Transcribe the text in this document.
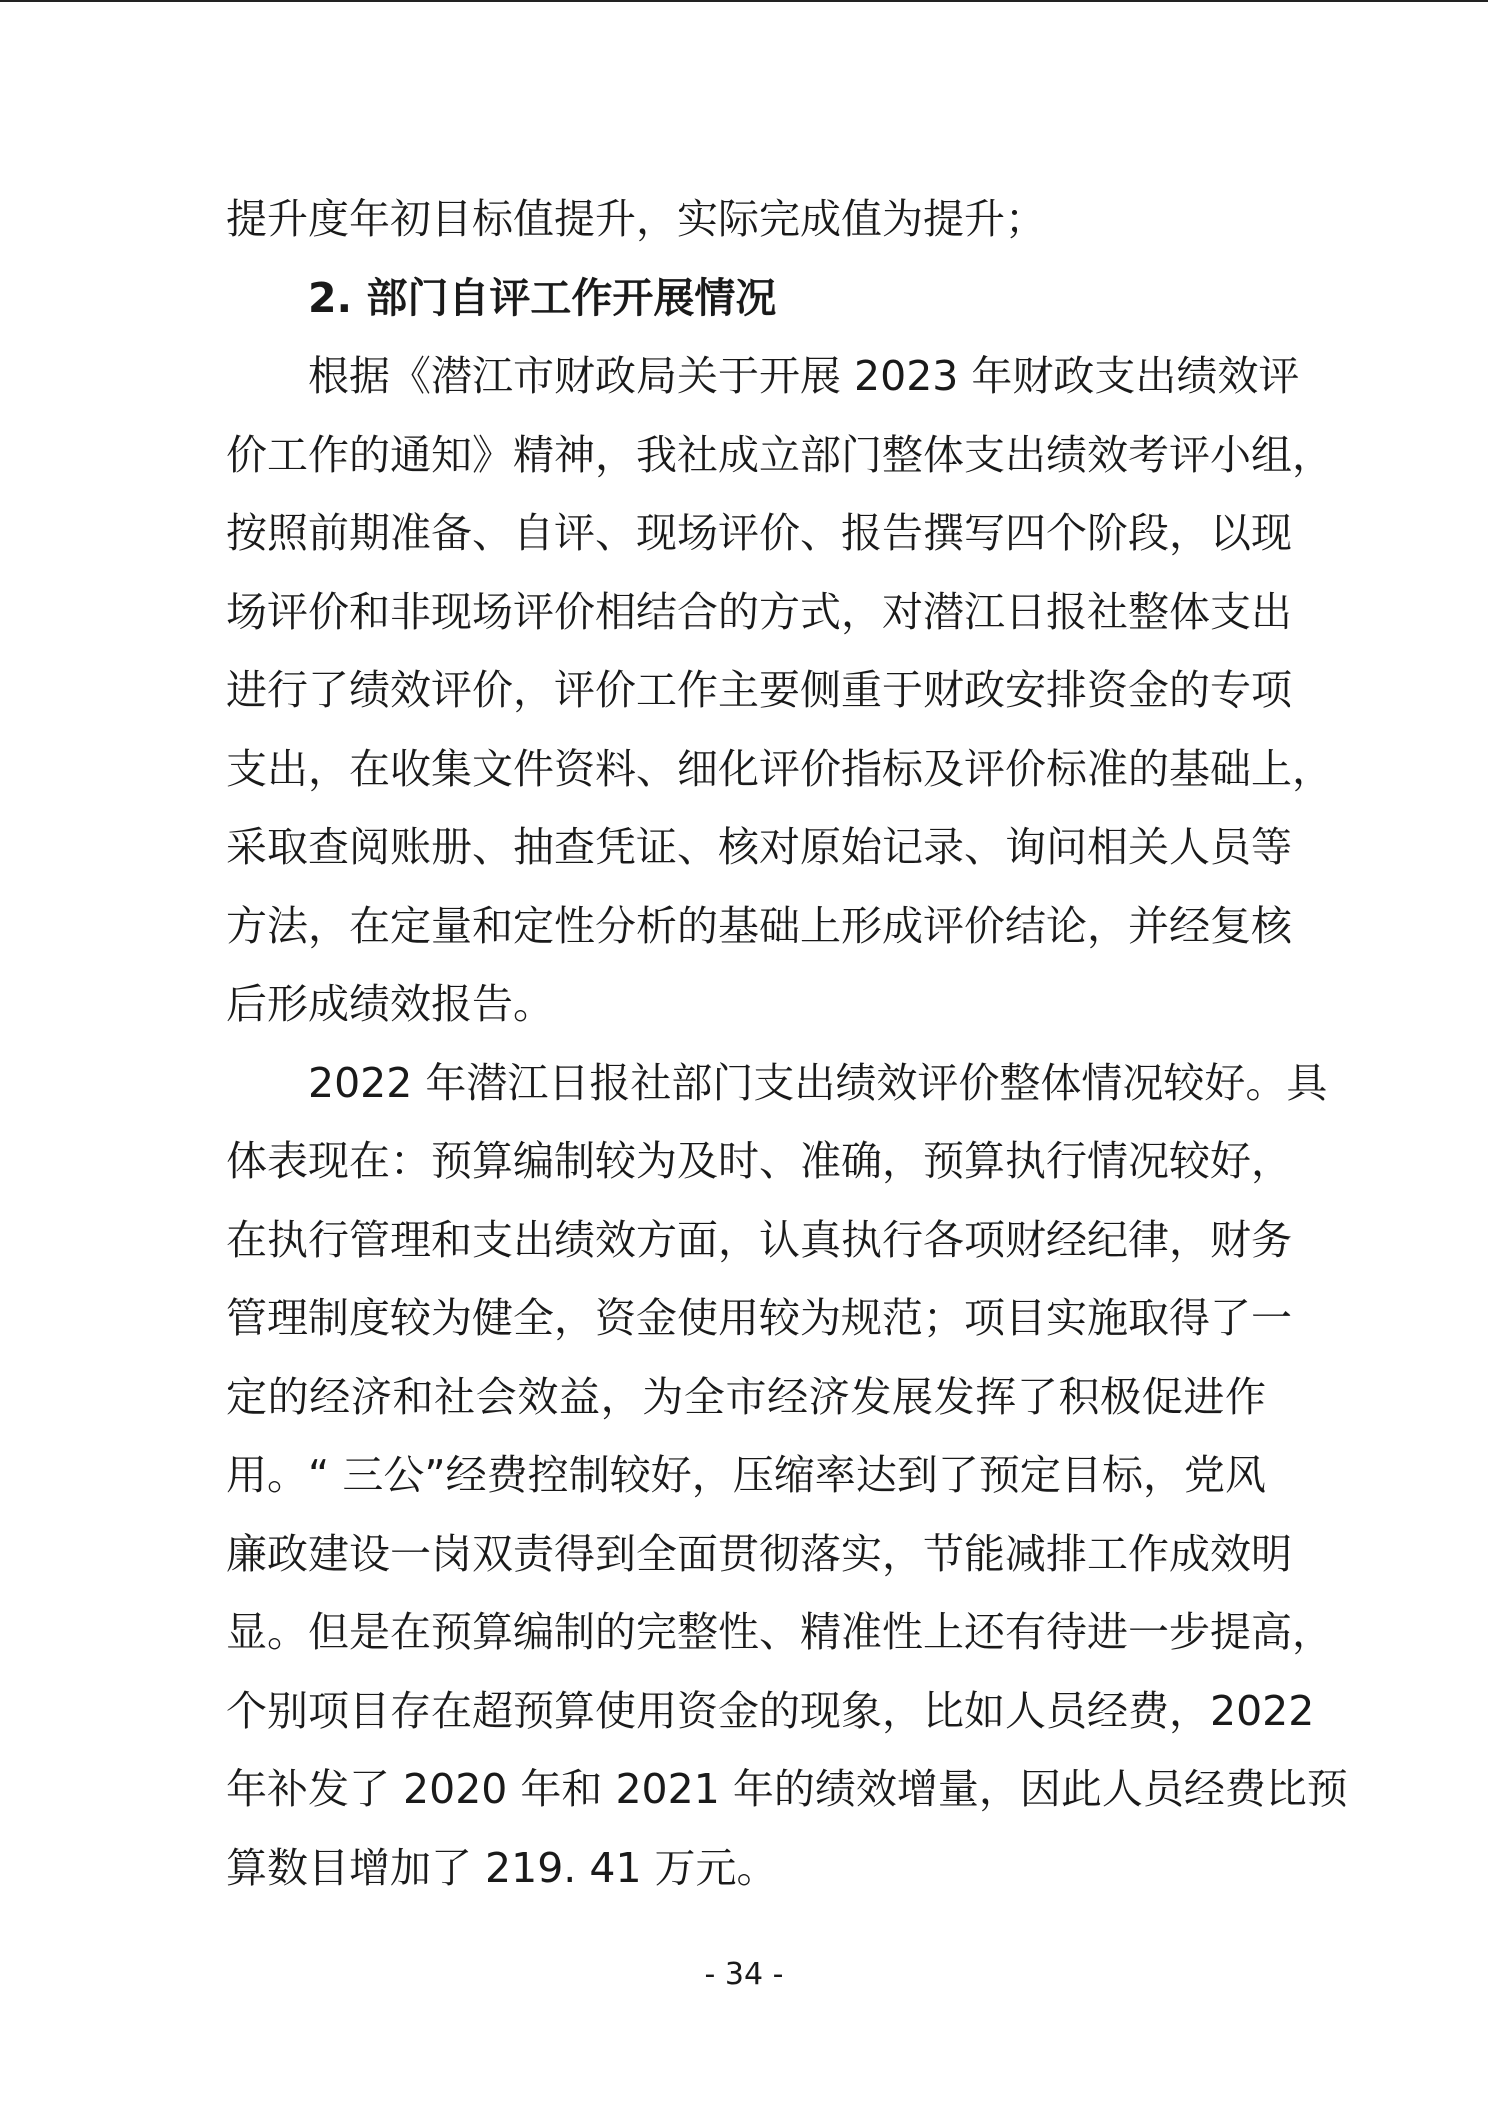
提升度年初目标值提升，实际完成值为提升；
2. 部门自评工作开展情况
根据《潜江市财政局关于开展 2023 年财政支出绩效评
价工作的通知》精神，我社成立部门整体支出绩效考评小组，
按照前期准备、自评、现场评价、报告撰写四个阶段，以现
场评价和非现场评价相结合的方式，对潜江日报社整体支出
进行了绩效评价，评价工作主要侧重于财政安排资金的专项
支出，在收集文件资料、细化评价指标及评价标准的基础上，
采取查阅账册、抽查凭证、核对原始记录、询问相关人员等
方法，在定量和定性分析的基础上形成评价结论，并经复核
后形成绩效报告。
2022 年潜江日报社部门支出绩效评价整体情况较好。具
体表现在：预算编制较为及时、准确，预算执行情况较好，
在执行管理和支出绩效方面，认真执行各项财经纪律，财务
管理制度较为健全，资金使用较为规范；项目实施取得了一
定的经济和社会效益，为全市经济发展发挥了积极促进作
用。“ 三公”经费控制较好，压缩率达到了预定目标，党风
廉政建设一岗双责得到全面贯彻落实，节能减排工作成效明
显。但是在预算编制的完整性、精准性上还有待进一步提高，
个别项目存在超预算使用资金的现象，比如人员经费，2022
年补发了 2020 年和 2021 年的绩效增量，因此人员经费比预
算数目增加了 219. 41 万元。
- 34 -
